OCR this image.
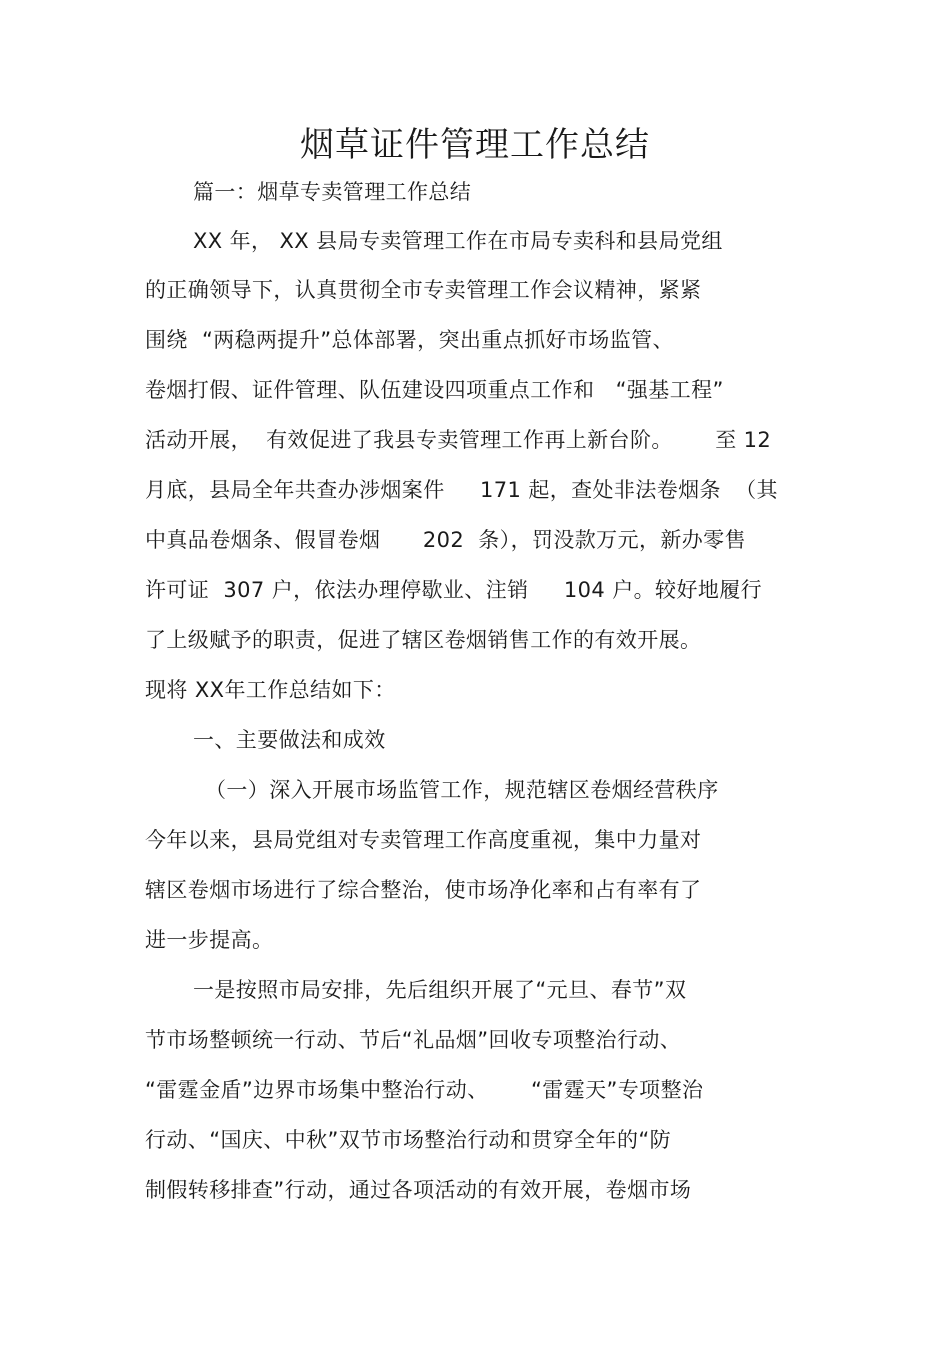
烟草证件管理工作总结
篇一：烟草专卖管理工作总结
XX 年， XX 县局专卖管理工作在市局专卖科和县局党组
的正确领导下，认真贯彻全市专卖管理工作会议精神，紧紧
围绕  “两稳两提升”总体部署，突出重点抓好市场监管、
卷烟打假、证件管理、队伍建设四项重点工作和   “强基工程”
活动开展，  有效促进了我县专卖管理工作再上新台阶。      至 12
月底，县局全年共查办涉烟案件     171 起，查处非法卷烟条  （其
中真品卷烟条、假冒卷烟      202  条），罚没款万元，新办零售
许可证  307 户，依法办理停歇业、注销     104 户。较好地履行
了上级赋予的职责，促进了辖区卷烟销售工作的有效开展。
现将 XX年工作总结如下：
一、主要做法和成效
（一）深入开展市场监管工作，规范辖区卷烟经营秩序
今年以来，县局党组对专卖管理工作高度重视，集中力量对
辖区卷烟市场进行了综合整治，使市场净化率和占有率有了
进一步提高。
一是按照市局安排，先后组织开展了“元旦、春节”双
节市场整顿统一行动、节后“礼品烟”回收专项整治行动、
“雷霆金盾”边界市场集中整治行动、      “雷霆天”专项整治
行动、“国庆、中秋”双节市场整治行动和贯穿全年的“防
制假转移排查”行动，通过各项活动的有效开展，卷烟市场
